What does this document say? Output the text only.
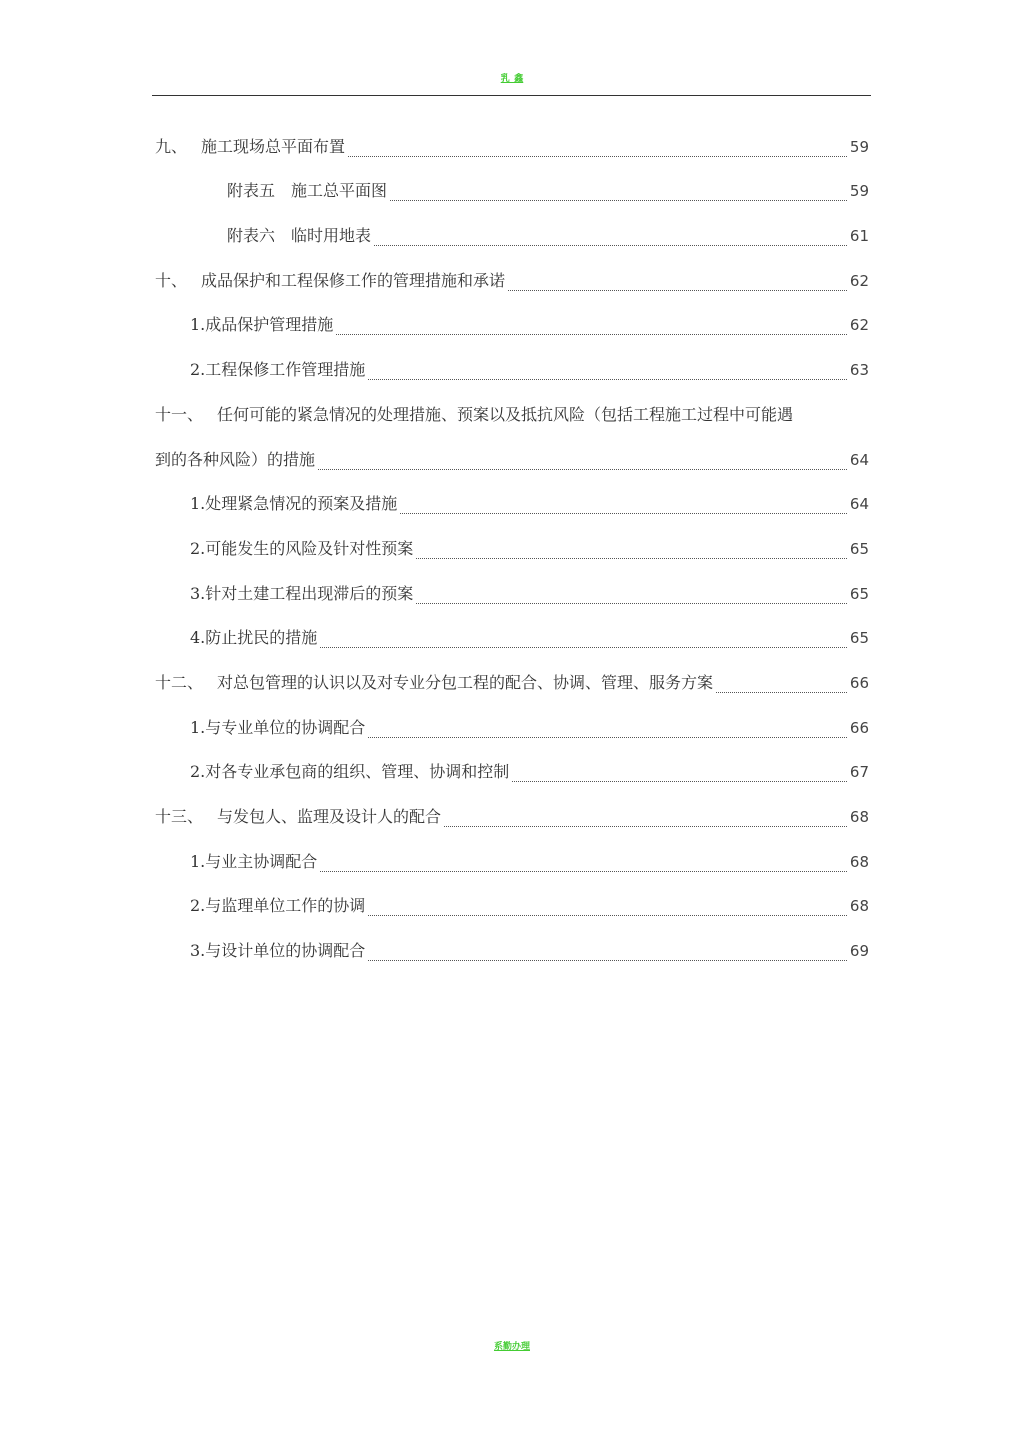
乳_鑫
九、 施工现场总平面布置	59
附表五　施工总平面图	59
附表六　临时用地表	61
十、 成品保护和工程保修工作的管理措施和承诺	62
1.成品保护管理措施	62
2.工程保修工作管理措施	63
十一、 任何可能的紧急情况的处理措施、预案以及抵抗风险（包括工程施工过程中可能遇
到的各种风险）的措施	64
1.处理紧急情况的预案及措施	64
2.可能发生的风险及针对性预案	65
3.针对土建工程出现滞后的预案	65
4.防止扰民的措施	65
十二、 对总包管理的认识以及对专业分包工程的配合、协调、管理、服务方案	66
1.与专业单位的协调配合	66
2.对各专业承包商的组织、管理、协调和控制	67
十三、 与发包人、监理及设计人的配合	68
1.与业主协调配合	68
2.与监理单位工作的协调	68
3.与设计单位的协调配合	69
系勤办理
